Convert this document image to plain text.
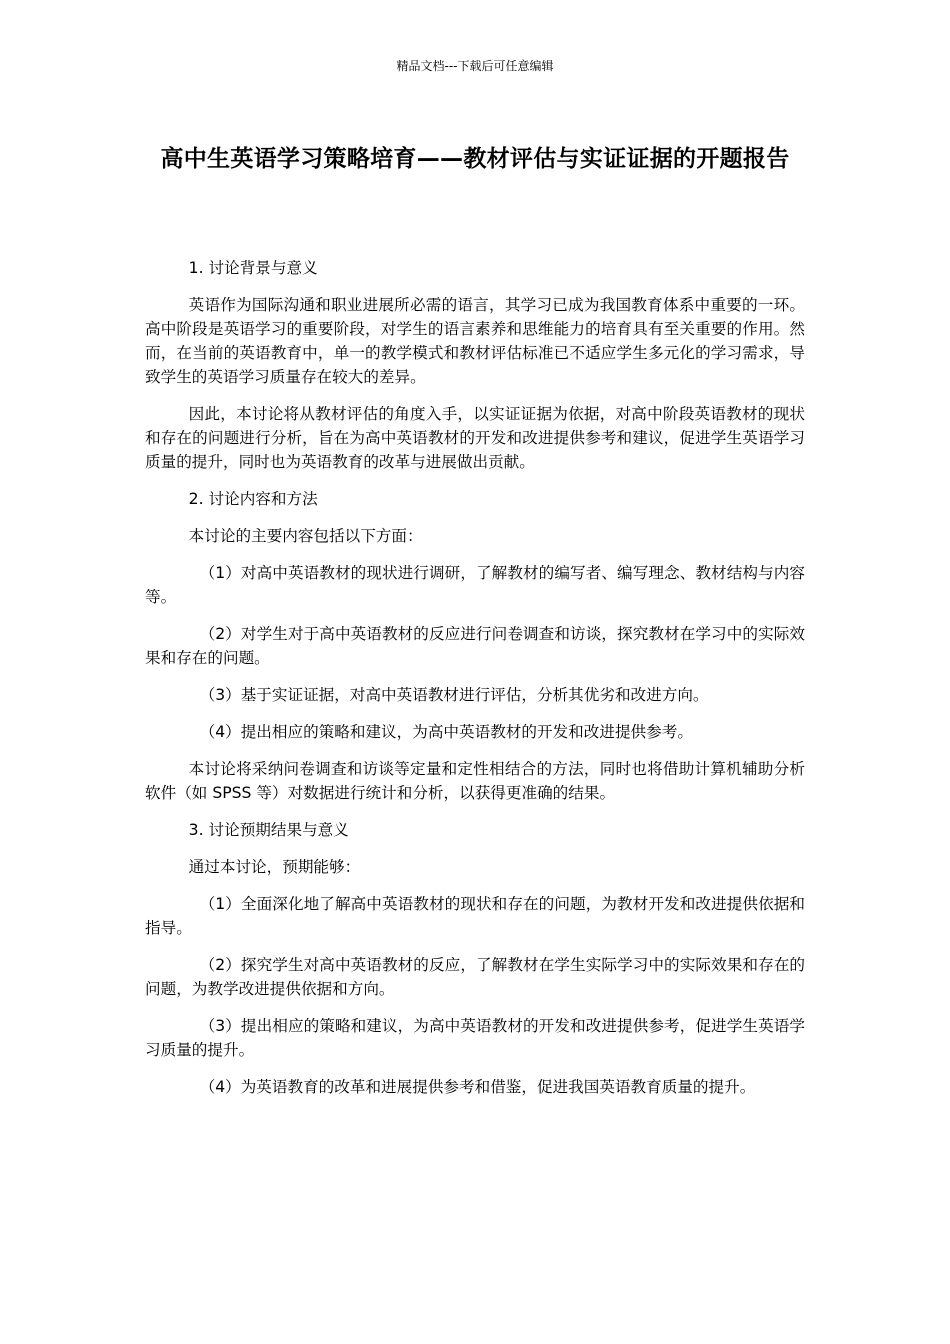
精品文档---下载后可任意编辑
高中生英语学习策略培育——教材评估与实证证据的开题报告

1. 讨论背景与意义

英语作为国际沟通和职业进展所必需的语言，其学习已成为我国教育体系中重要的一环。高中阶段是英语学习的重要阶段，对学生的语言素养和思维能力的培育具有至关重要的作用。然而，在当前的英语教育中，单一的教学模式和教材评估标准已不适应学生多元化的学习需求，导致学生的英语学习质量存在较大的差异。

因此，本讨论将从教材评估的角度入手，以实证证据为依据，对高中阶段英语教材的现状和存在的问题进行分析，旨在为高中英语教材的开发和改进提供参考和建议，促进学生英语学习质量的提升，同时也为英语教育的改革与进展做出贡献。

2. 讨论内容和方法

本讨论的主要内容包括以下方面：

（1）对高中英语教材的现状进行调研，了解教材的编写者、编写理念、教材结构与内容等。

（2）对学生对于高中英语教材的反应进行问卷调查和访谈，探究教材在学习中的实际效果和存在的问题。

（3）基于实证证据，对高中英语教材进行评估，分析其优劣和改进方向。

（4）提出相应的策略和建议，为高中英语教材的开发和改进提供参考。

本讨论将采纳问卷调查和访谈等定量和定性相结合的方法，同时也将借助计算机辅助分析软件（如 SPSS 等）对数据进行统计和分析，以获得更准确的结果。

3. 讨论预期结果与意义

通过本讨论，预期能够：

（1）全面深化地了解高中英语教材的现状和存在的问题，为教材开发和改进提供依据和指导。

（2）探究学生对高中英语教材的反应，了解教材在学生实际学习中的实际效果和存在的问题，为教学改进提供依据和方向。

（3）提出相应的策略和建议，为高中英语教材的开发和改进提供参考，促进学生英语学习质量的提升。

（4）为英语教育的改革和进展提供参考和借鉴，促进我国英语教育质量的提升。
